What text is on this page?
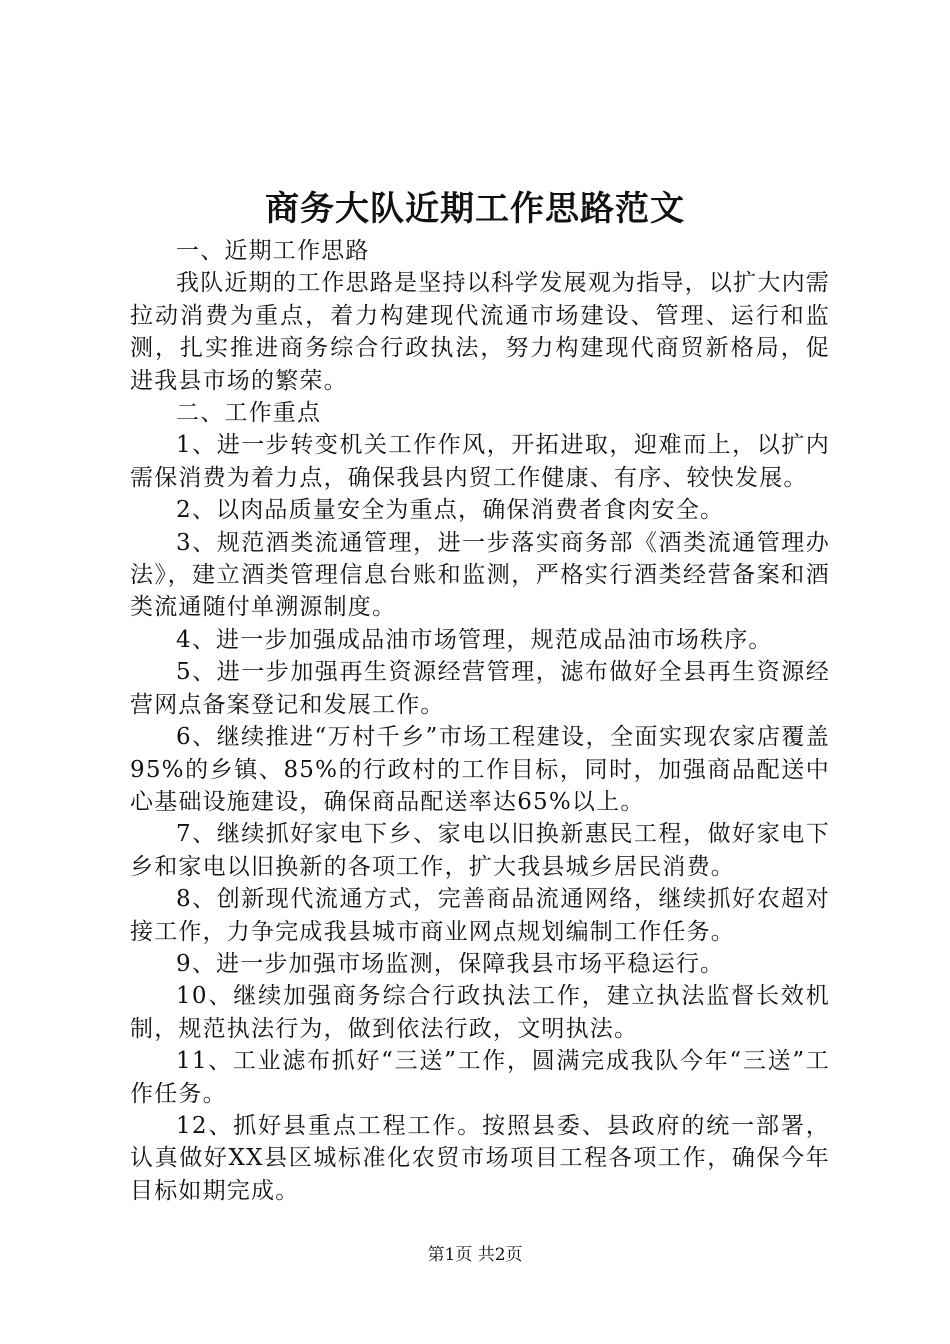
商务大队近期工作思路范文

一、近期工作思路

我队近期的工作思路是坚持以科学发展观为指导，以扩大内需拉动消费为重点，着力构建现代流通市场建设、管理、运行和监测，扎实推进商务综合行政执法，努力构建现代商贸新格局，促进我县市场的繁荣。

二、工作重点

1、进一步转变机关工作作风，开拓进取，迎难而上，以扩内需保消费为着力点，确保我县内贸工作健康、有序、较快发展。

2、以肉品质量安全为重点，确保消费者食肉安全。

3、规范酒类流通管理，进一步落实商务部《酒类流通管理办法》，建立酒类管理信息台账和监测，严格实行酒类经营备案和酒类流通随付单溯源制度。

4、进一步加强成品油市场管理，规范成品油市场秩序。

5、进一步加强再生资源经营管理，滤布做好全县再生资源经营网点备案登记和发展工作。

6、继续推进“万村千乡”市场工程建设，全面实现农家店覆盖95%的乡镇、85%的行政村的工作目标，同时，加强商品配送中心基础设施建设，确保商品配送率达65%以上。

7、继续抓好家电下乡、家电以旧换新惠民工程，做好家电下乡和家电以旧换新的各项工作，扩大我县城乡居民消费。

8、创新现代流通方式，完善商品流通网络，继续抓好农超对接工作，力争完成我县城市商业网点规划编制工作任务。

9、进一步加强市场监测，保障我县市场平稳运行。

10、继续加强商务综合行政执法工作，建立执法监督长效机制，规范执法行为，做到依法行政，文明执法。

11、工业滤布抓好“三送”工作，圆满完成我队今年“三送”工作任务。

12、抓好县重点工程工作。按照县委、县政府的统一部署，认真做好XX县区城标准化农贸市场项目工程各项工作，确保今年目标如期完成。

第1页 共2页
